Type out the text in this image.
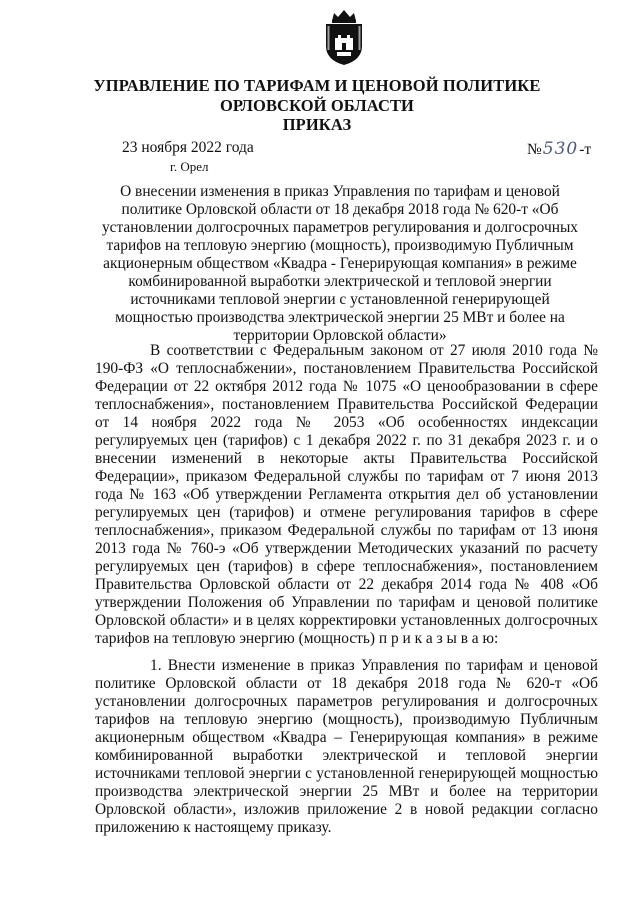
УПРАВЛЕНИЕ ПО ТАРИФАМ И ЦЕНОВОЙ ПОЛИТИКЕ
ОРЛОВСКОЙ ОБЛАСТИ
ПРИКАЗ
23 ноября 2022 года
г. Орел
№530-т
О внесении изменения в приказ Управления по тарифам и ценовой политике Орловской области от 18 декабря 2018 года № 620-т «Об установлении долгосрочных параметров регулирования и долгосрочных тарифов на тепловую энергию (мощность), производимую Публичным акционерным обществом «Квадра - Генерирующая компания» в режиме комбинированной выработки электрической и тепловой энергии источниками тепловой энергии с установленной генерирующей мощностью производства электрической энергии 25 МВт и более на территории Орловской области»
В соответствии с Федеральным законом от 27 июля 2010 года № 190-ФЗ «О теплоснабжении», постановлением Правительства Российской Федерации от 22 октября 2012 года № 1075 «О ценообразовании в сфере теплоснабжения», постановлением Правительства Российской Федерации от 14 ноября 2022 года № 2053 «Об особенностях индексации регулируемых цен (тарифов) с 1 декабря 2022 г. по 31 декабря 2023 г. и о внесении изменений в некоторые акты Правительства Российской Федерации», приказом Федеральной службы по тарифам от 7 июня 2013 года № 163 «Об утверждении Регламента открытия дел об установлении регулируемых цен (тарифов) и отмене регулирования тарифов в сфере теплоснабжения», приказом Федеральной службы по тарифам от 13 июня 2013 года № 760-э «Об утверждении Методических указаний по расчету регулируемых цен (тарифов) в сфере теплоснабжения», постановлением Правительства Орловской области от 22 декабря 2014 года № 408 «Об утверждении Положения об Управлении по тарифам и ценовой политике Орловской области» и в целях корректировки установленных долгосрочных тарифов на тепловую энергию (мощность) п р и к а з ы в а ю:
1. Внести изменение в приказ Управления по тарифам и ценовой политике Орловской области от 18 декабря 2018 года № 620-т «Об установлении долгосрочных параметров регулирования и долгосрочных тарифов на тепловую энергию (мощность), производимую Публичным акционерным обществом «Квадра – Генерирующая компания» в режиме комбинированной выработки электрической и тепловой энергии источниками тепловой энергии с установленной генерирующей мощностью производства электрической энергии 25 МВт и более на территории Орловской области», изложив приложение 2 в новой редакции согласно приложению к настоящему приказу.
